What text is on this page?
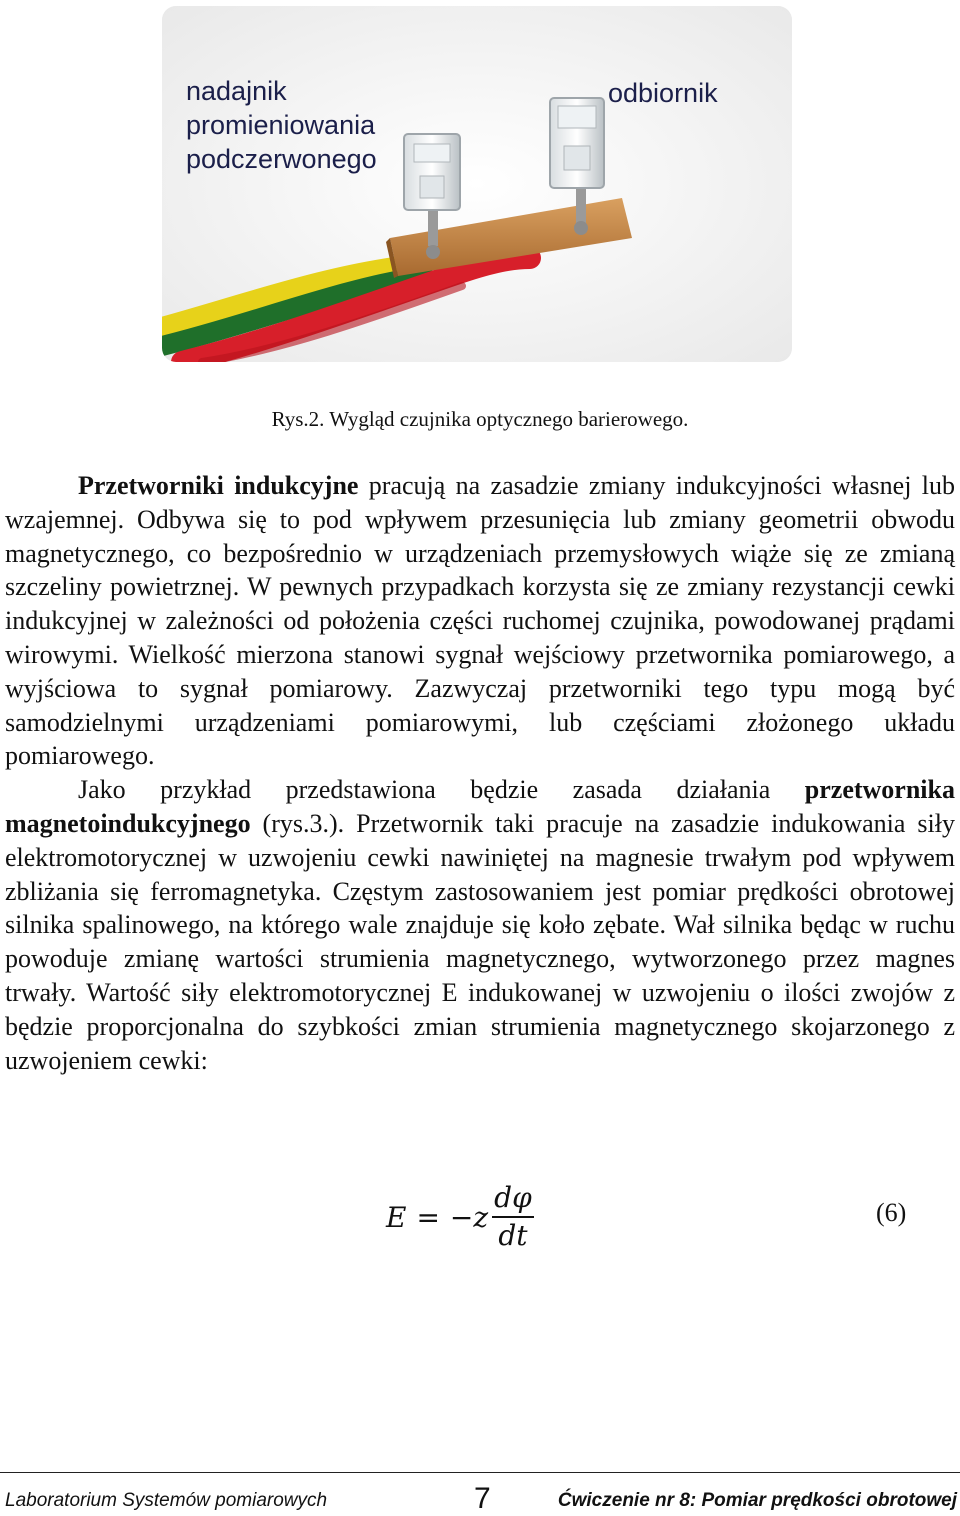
nadajnik
promieniowania
podczerwonego
odbiornik
Rys.2. Wygląd czujnika optycznego barierowego.

Przetworniki indukcyjne pracują na zasadzie zmiany indukcyjności własnej lub wzajemnej. Odbywa się to pod wpływem przesunięcia lub zmiany geometrii obwodu magnetycznego, co bezpośrednio w urządzeniach przemysłowych wiąże się ze zmianą szczeliny powietrznej. W pewnych przypadkach korzysta się ze zmiany rezystancji cewki indukcyjnej w zależności od położenia części ruchomej czujnika, powodowanej prądami wirowymi. Wielkość mierzona stanowi sygnał wejściowy przetwornika pomiarowego, a wyjściowa to sygnał pomiarowy. Zazwyczaj przetworniki tego typu mogą być samodzielnymi urządzeniami pomiarowymi, lub częściami złożonego układu pomiarowego.

Jako przykład przedstawiona będzie zasada działania przetwornika magnetoindukcyjnego (rys.3.). Przetwornik taki pracuje na zasadzie indukowania siły elektromotorycznej w uzwojeniu cewki nawiniętej na magnesie trwałym pod wpływem zbliżania się ferromagnetyka. Częstym zastosowaniem jest pomiar prędkości obrotowej silnika spalinowego, na którego wale znajduje się koło zębate. Wał silnika będąc w ruchu powoduje zmianę wartości strumienia magnetycznego, wytworzonego przez magnes trwały. Wartość siły elektromotorycznej E indukowanej w uzwojeniu o ilości zwojów z będzie proporcjonalna do szybkości zmian strumienia magnetycznego skojarzonego z uzwojeniem cewki:

E = − z $\frac{d\varphi}{dt}$	(6)
Laboratorium Systemów pomiarowych	7	Ćwiczenie nr 8: Pomiar prędkości obrotowej
